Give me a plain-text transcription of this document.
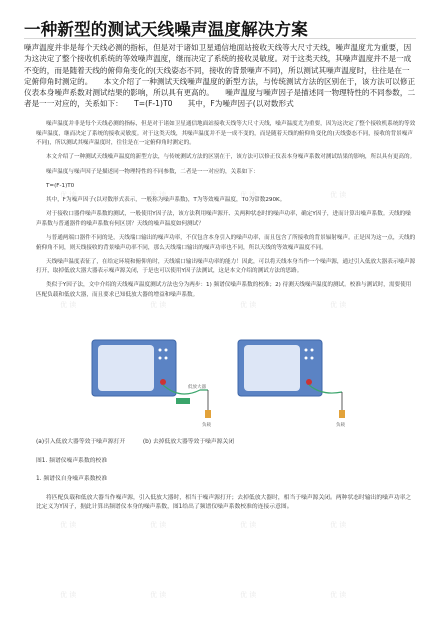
一种新型的测试天线噪声温度解决方案
噪声温度并非是每个天线必测的指标，但是对于诸如卫星通信地面站接收天线等大尺寸天线，噪声温度尤为重要，因为这决定了整个接收机系统的等效噪声温度，继而决定了系统的接收灵敏度。对于这类天线，其噪声温度并不是一成不变的，而是随着天线的俯仰角变化的(天线姿态不同，接收的背景噪声不同)，所以测试其噪声温度时，往往是在一定俯仰角时测定的。　　本文介绍了一种测试天线噪声温度的新型方法，与传统测试方法的区别在于，该方法可以修正仪表本身噪声系数对测试结果的影响，所以具有更高的。　　噪声温度与噪声因子是描述同一物理特性的不同参数，二者是一一对应的，关系如下：　　T=(F-1)T0　　其中，F为噪声因子(以对数形式

噪声温度并非是每个天线必测的指标，但是对于诸如卫星通信地面站接收天线等大尺寸天线，噪声温度尤为重要，因为这决定了整个接收机系统的等效噪声温度，继而决定了系统的接收灵敏度。对于这类天线，其噪声温度并不是一成不变的，而是随着天线的俯仰角变化的(天线姿态不同，接收的背景噪声不同)，所以测试其噪声温度时，往往是在一定俯仰角时测定的。

本文介绍了一种测试天线噪声温度的新型方法，与传统测试方法的区别在于，该方法可以修正仪表本身噪声系数对测试结果的影响，所以具有更高的。

噪声温度与噪声因子是描述同一物理特性的不同参数，二者是一一对应的，关系如下：

T=(F-1)T0

其中，F为噪声因子(以对数形式表示，一般称为噪声系数)，T为等效噪声温度，T0为常数290K。

对于接收口器件噪声系数的测试，一般使用Y因子法，该方法利用噪声源开、关两种状态时的噪声功率，确定Y因子，进而计算出噪声系数。天线的噪声系数与普通器件的噪声系数有何区别？天线的噪声温度如何测试？

与普通两端口器件不同的是，天线端口输出的噪声功率，不仅包含本身引入的噪声功率，而且包含了所接收的背景辐射噪声。正是因为这一点，天线的俯仰角不同，则天线接收的背景噪声功率不同，那么天线端口输出的噪声功率也不同，所以天线的等效噪声温度不同。

天线噪声温度表征了，在给定环境和俯仰角时，天线端口输出噪声功率的能力！因此，可以将天线本身当作一个噪声源，通过引入低放大器表示噪声源打开，取掉低放大器大器表示噪声源关闭，于是也可以使用Y因子法测试，这是本文介绍的测试方法的思路。

类似于Y因子法，文中介绍的天线噪声温度测试方法也分为两步：1) 频谱仪噪声系数的校准；2) 待测天线噪声温度的测试。校准与测试时，需要使用匹配负载和低放大器，而且要求已知低放大器的增益和噪声系数。

低放大器
负载	负载

(a)引入低放大器等效于噪声源打开	(b) 去掉低放大器等效于噪声源关闭

图1. 频谱仪噪声系数的校准

1. 频谱仪自身噪声系数校准

将匹配负载和低放大器当作噪声源，引入低放大器时，相当于噪声源打开；去掉低放大器时，相当于噪声源关闭。两种状态时输出的噪声功率之比定义为Y因子，据此计算出频谱仪本身的噪声系数，图1给出了频谱仪噪声系数校准的连接示意图。

优 读	优 读	优 读	优 读
优 读	优 读	优 读	优 读
优 读	优 读	优 读	优 读
优 读	优 读	优 读	优 读
